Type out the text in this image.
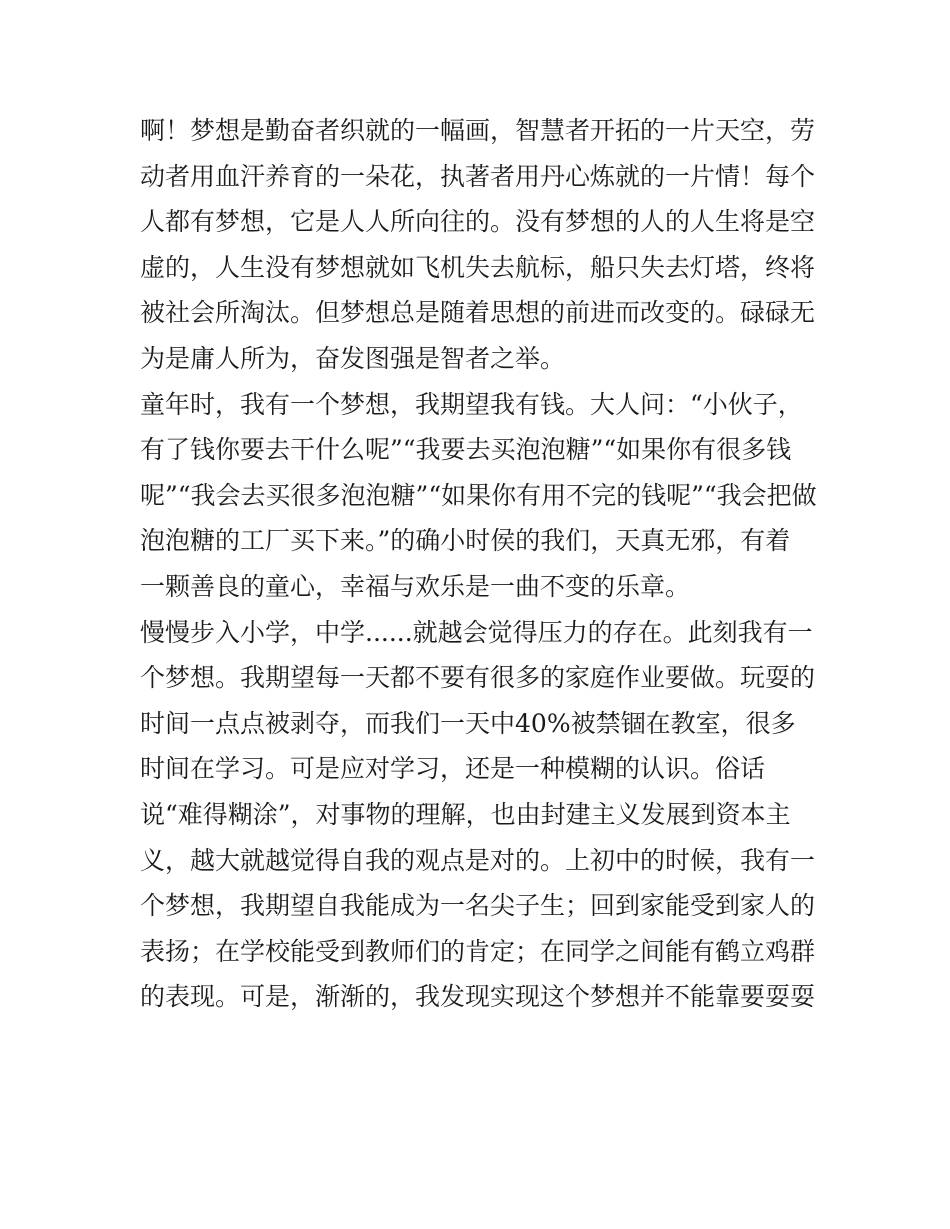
啊！梦想是勤奋者织就的一幅画，智慧者开拓的一片天空，劳
动者用血汗养育的一朵花，执著者用丹心炼就的一片情！每个
人都有梦想，它是人人所向往的。没有梦想的人的人生将是空
虚的，人生没有梦想就如飞机失去航标，船只失去灯塔，终将
被社会所淘汰。但梦想总是随着思想的前进而改变的。碌碌无
为是庸人所为，奋发图强是智者之举。
童年时，我有一个梦想，我期望我有钱。大人问：“小伙子，
有了钱你要去干什么呢”“我要去买泡泡糖”“如果你有很多钱
呢”“我会去买很多泡泡糖”“如果你有用不完的钱呢”“我会把做
泡泡糖的工厂买下来。”的确小时侯的我们，天真无邪，有着
一颗善良的童心，幸福与欢乐是一曲不变的乐章。
慢慢步入小学，中学......就越会觉得压力的存在。此刻我有一
个梦想。我期望每一天都不要有很多的家庭作业要做。玩耍的
时间一点点被剥夺，而我们一天中40%被禁锢在教室，很多
时间在学习。可是应对学习，还是一种模糊的认识。俗话
说“难得糊涂”，对事物的理解，也由封建主义发展到资本主
义，越大就越觉得自我的观点是对的。上初中的时候，我有一
个梦想，我期望自我能成为一名尖子生；回到家能受到家人的
表扬；在学校能受到教师们的肯定；在同学之间能有鹤立鸡群
的表现。可是，渐渐的，我发现实现这个梦想并不能靠要耍耍
